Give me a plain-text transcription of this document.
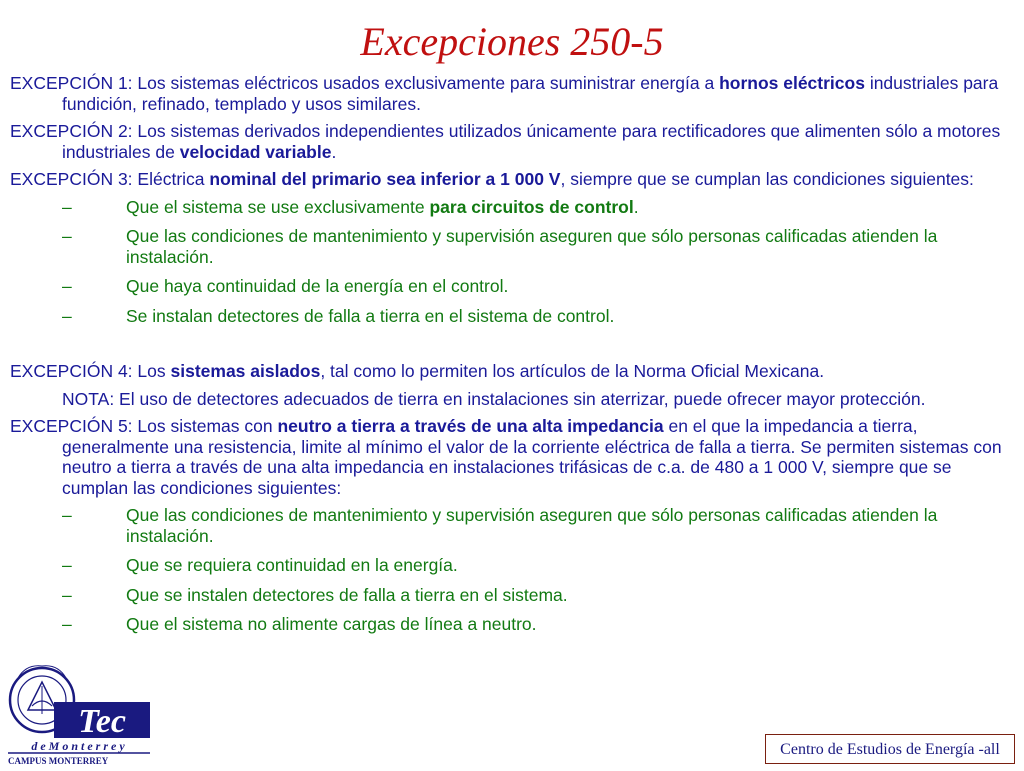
Excepciones 250-5
EXCEPCIÓN 1: Los sistemas eléctricos usados exclusivamente para suministrar energía a hornos eléctricos industriales para fundición, refinado, templado y usos similares.
EXCEPCIÓN 2: Los sistemas derivados independientes utilizados únicamente para rectificadores que alimenten sólo a motores industriales de velocidad variable.
EXCEPCIÓN 3: Eléctrica nominal del primario sea inferior a 1 000 V, siempre que se cumplan las condiciones siguientes:
–	Que el sistema se use exclusivamente para circuitos de control.
–	Que las condiciones de mantenimiento y supervisión aseguren que sólo personas calificadas atienden la instalación.
–	Que haya continuidad de la energía en el control.
–	Se instalan detectores de falla a tierra en el sistema de control.
EXCEPCIÓN 4: Los sistemas aislados, tal como lo permiten los artículos de la Norma Oficial Mexicana.
NOTA: El uso de detectores adecuados de tierra en instalaciones sin aterrizar, puede ofrecer mayor protección.
EXCEPCIÓN 5: Los sistemas con neutro a tierra a través de una alta impedancia en el que la impedancia a tierra, generalmente una resistencia, limite al mínimo el valor de la corriente eléctrica de falla a tierra. Se permiten sistemas con neutro a tierra a través de una alta impedancia en instalaciones trifásicas de c.a. de 480 a 1 000 V, siempre que se cumplan las condiciones siguientes:
–	Que las condiciones de mantenimiento y supervisión aseguren que sólo personas calificadas atienden la instalación.
–	Que se requiera continuidad en la energía.
–	Que se instalen detectores de falla a tierra en el sistema.
–	Que el sistema no alimente cargas de línea a neutro.
Tec
d e M o n t e r r e y
CAMPUS MONTERREY
Centro de Estudios de Energía -all
